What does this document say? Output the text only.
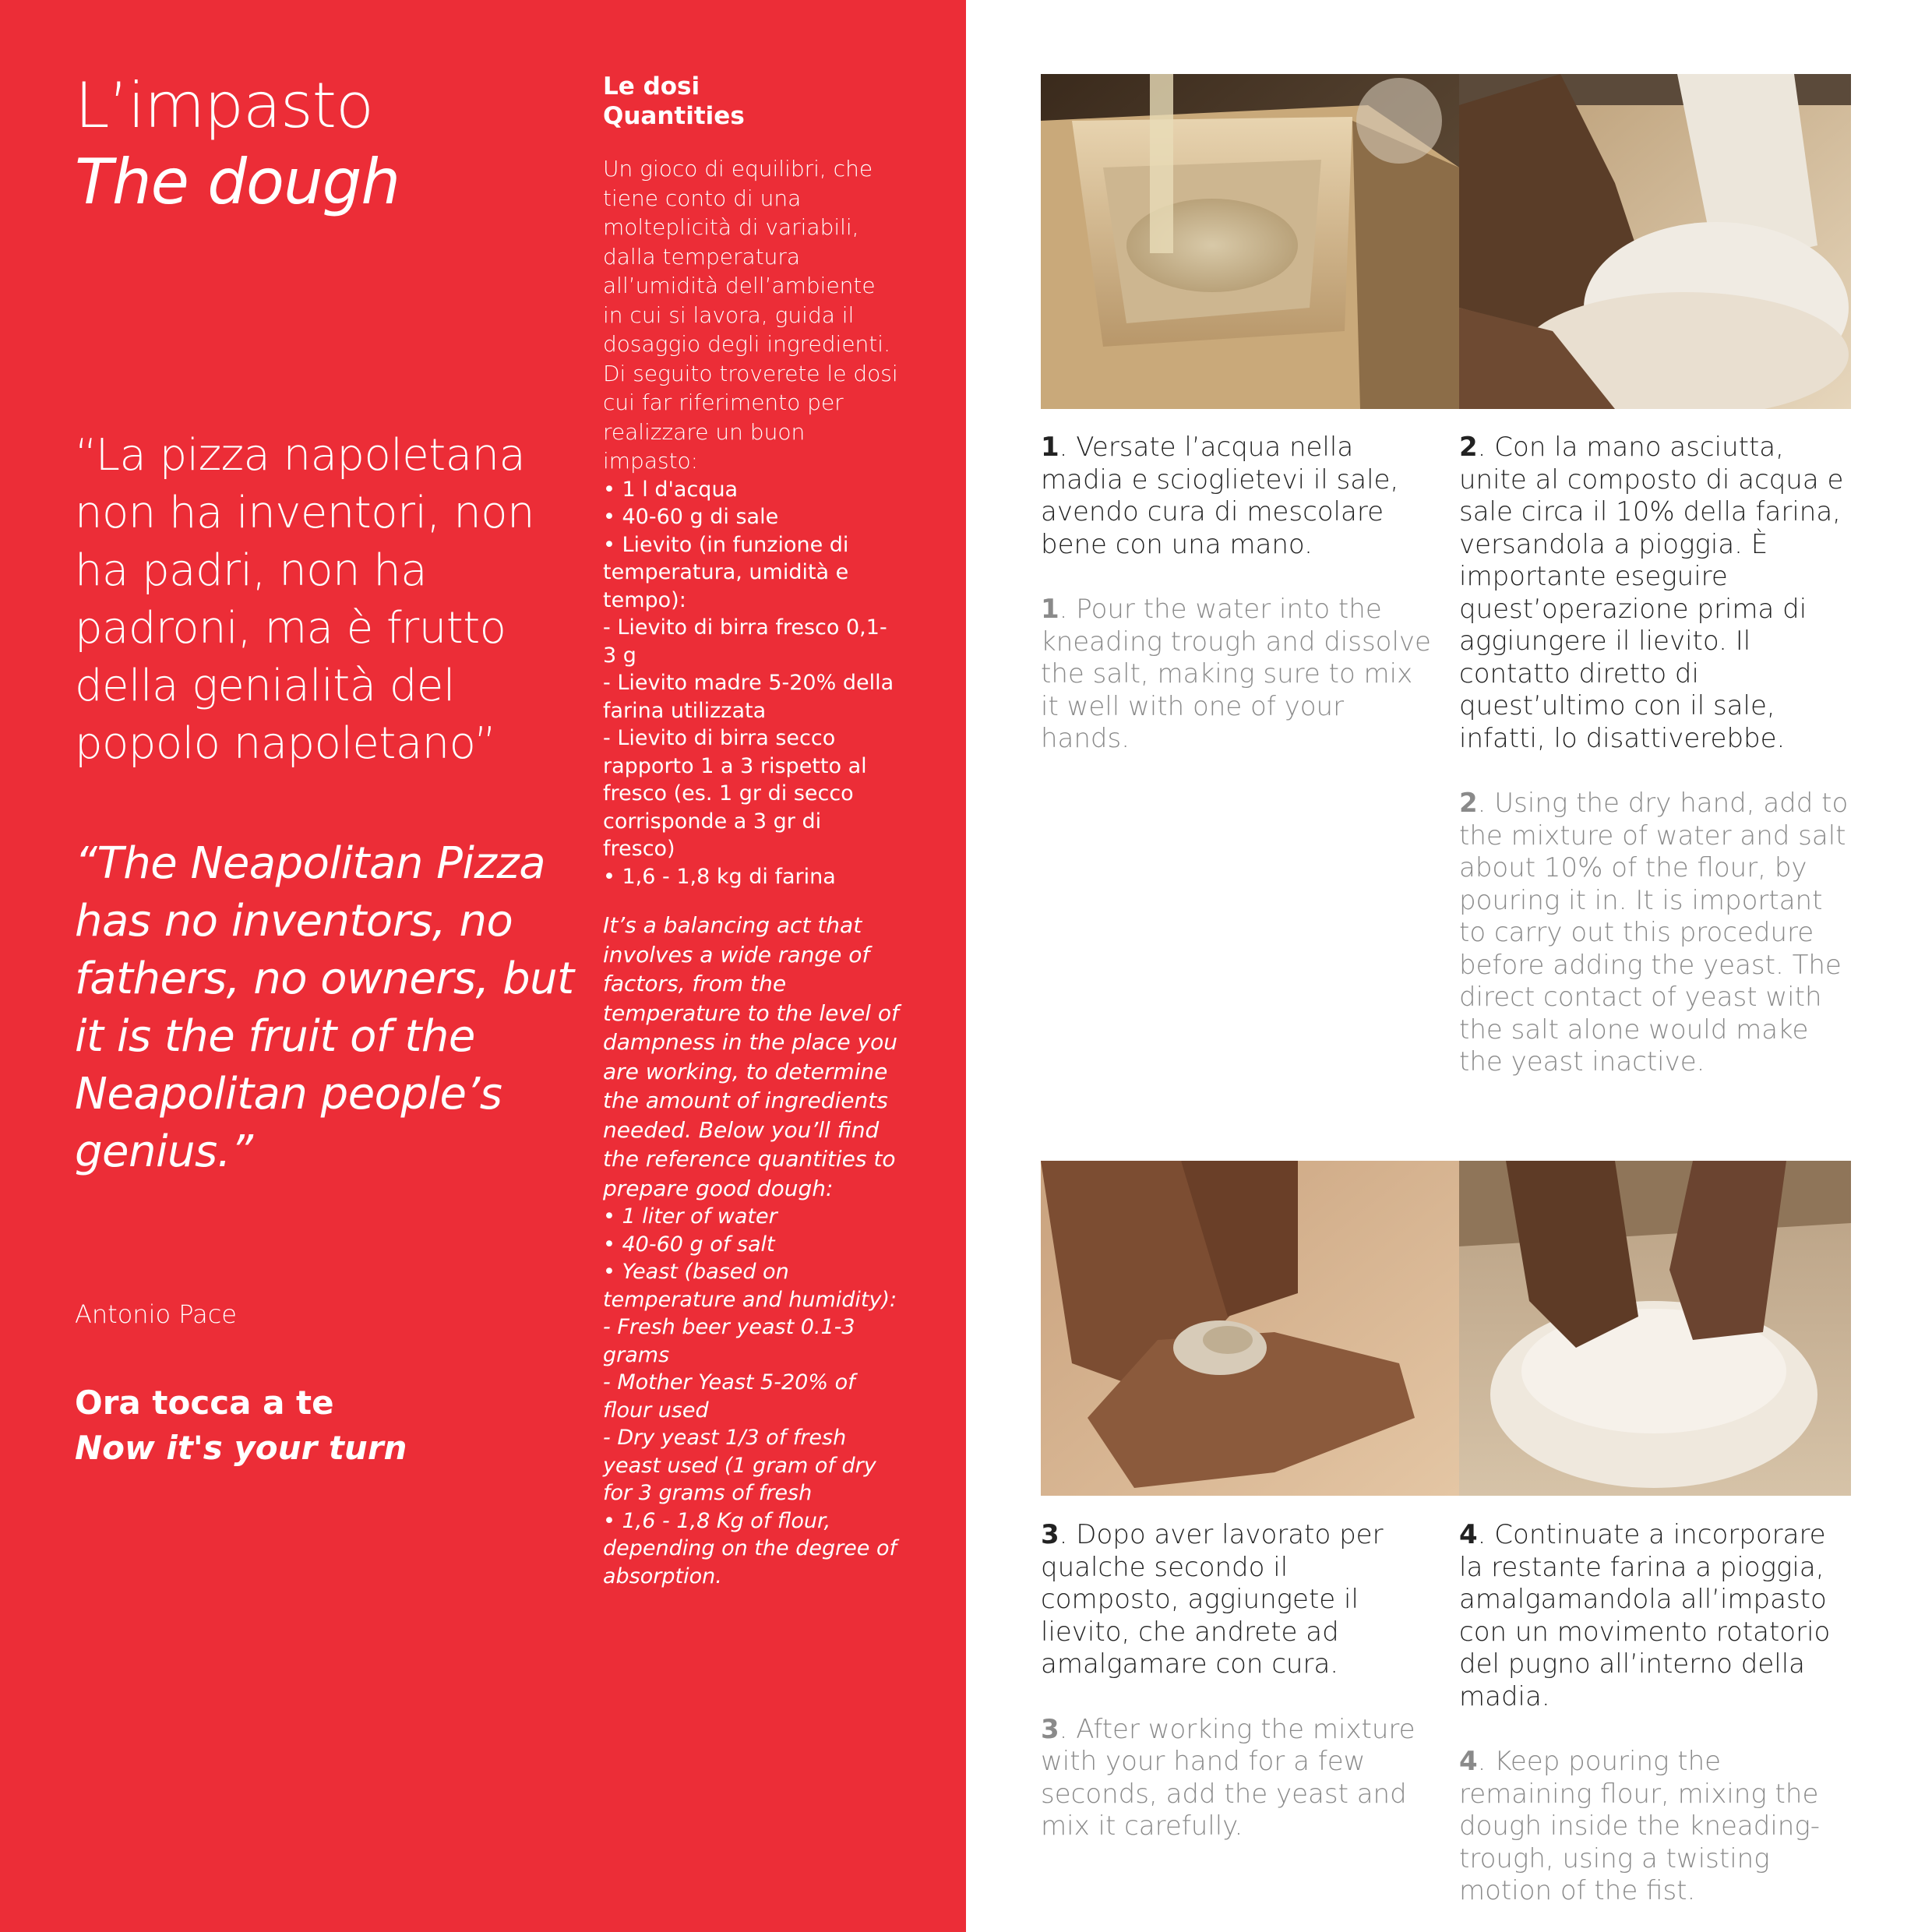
L’impasto
The dough
“La pizza napoletana non ha inventori, non ha padri, non ha padroni, ma è frutto della genialità del popolo napoletano”
“The Neapolitan Pizza has no inventors, no fathers, no owners, but it is the fruit of the Neapolitan people’s genius.”
Antonio Pace
Ora tocca a te
Now it's your turn
Le dosi
Quantities
Un gioco di equilibri, che tiene conto di una molteplicità di variabili, dalla temperatura all’umidità dell’ambiente in cui si lavora, guida il dosaggio degli ingredienti. Di seguito troverete le dosi cui far riferimento per realizzare un buon impasto:
• 1 l d'acqua
• 40-60 g di sale
• Lievito (in funzione di temperatura, umidità e tempo):
- Lievito di birra fresco 0,1- 3 g
- Lievito madre 5-20% della farina utilizzata
- Lievito di birra secco rapporto 1 a 3 rispetto al fresco (es. 1 gr di secco corrisponde a 3 gr di fresco)
• 1,6 - 1,8 kg di farina
It’s a balancing act that involves a wide range of factors, from the temperature to the level of dampness in the place you are working, to determine the amount of ingredients needed. Below you’ll find the reference quantities to prepare good dough:
• 1 liter of water
• 40-60 g of salt
• Yeast (based on temperature and humidity):
- Fresh beer yeast 0.1-3 grams
- Mother Yeast 5-20% of flour used
- Dry yeast 1/3 of fresh yeast used (1 gram of dry for 3 grams of fresh
• 1,6 - 1,8 Kg of flour, depending on the degree of absorption.
1. Versate l’acqua nella madia e scioglietevi il sale, avendo cura di mescolare bene con una mano.
1. Pour the water into the kneading trough and dissolve the salt, making sure to mix it well with one of your hands.
2. Con la mano asciutta, unite al composto di acqua e sale circa il 10% della farina, versandola a pioggia. È importante eseguire quest’operazione prima di aggiungere il lievito. Il contatto diretto di quest’ultimo con il sale, infatti, lo disattiverebbe.
2. Using the dry hand, add to the mixture of water and salt about 10% of the flour, by pouring it in. It is important to carry out this procedure before adding the yeast. The direct contact of yeast with the salt alone would make the yeast inactive.
3. Dopo aver lavorato per qualche secondo il composto, aggiungete il lievito, che andrete ad amalgamare con cura.
3. After working the mixture with your hand for a few seconds, add the yeast and mix it carefully.
4. Continuate a incorporare la restante farina a pioggia, amalgamandola all’impasto con un movimento rotatorio del pugno all’interno della madia.
4. Keep pouring the remaining flour, mixing the dough inside the kneading-trough, using a twisting motion of the fist.
